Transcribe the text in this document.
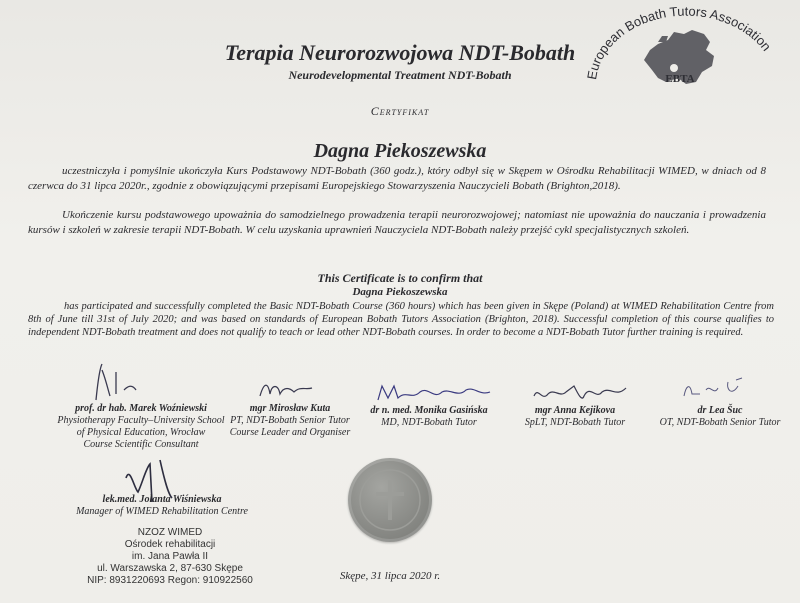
European Bobath Tutors Association
EBTA
Terapia Neurorozwojowa NDT-Bobath
Neurodevelopmental Treatment NDT-Bobath
Certyfikat
Dagna Piekoszewska
uczestniczyła i pomyślnie ukończyła Kurs Podstawowy NDT-Bobath (360 godz.), który odbył się w Skępem w Ośrodku Rehabilitacji WIMED, w dniach od 8 czerwca do 31 lipca 2020r., zgodnie z obowiązującymi przepisami Europejskiego Stowarzyszenia Nauczycieli Bobath (Brighton,2018).
Ukończenie kursu podstawowego upoważnia do samodzielnego prowadzenia terapii neurorozwojowej; natomiast nie upoważnia do nauczania i prowadzenia kursów i szkoleń w zakresie terapii NDT-Bobath. W celu uzyskania uprawnień Nauczyciela NDT-Bobath należy przejść cykl specjalistycznych szkoleń.
This Certificate is to confirm that
Dagna Piekoszewska
has participated and successfully completed the Basic NDT-Bobath Course (360 hours) which has been given in Skępe (Poland) at WIMED Rehabilitation Centre from 8th of June till 31st of July 2020; and was based on standards of European Bobath Tutors Association (Brighton, 2018). Successful completion of this course qualifies to independent NDT-Bobath treatment and does not qualify to teach or lead other NDT-Bobath courses. In order to become a NDT-Bobath Tutor further training is required.
prof. dr hab. Marek Woźniewski
Physiotherapy Faculty–University School
of Physical Education, Wrocław
Course Scientific Consultant
mgr Mirosław Kuta
PT, NDT-Bobath Senior Tutor
Course Leader and Organiser
dr n. med. Monika Gasińska
MD, NDT-Bobath Tutor
mgr Anna Kejikova
SpLT, NDT-Bobath Tutor
dr Lea Šuc
OT, NDT-Bobath Senior Tutor
lek.med. Jolanta Wiśniewska
Manager of WIMED Rehabilitation Centre
NZOZ WIMED
Ośrodek rehabilitacji
im. Jana Pawła II
ul. Warszawska 2, 87-630 Skępe
NIP: 8931220693 Regon: 910922560	Skępe, 31 lipca 2020 r.
